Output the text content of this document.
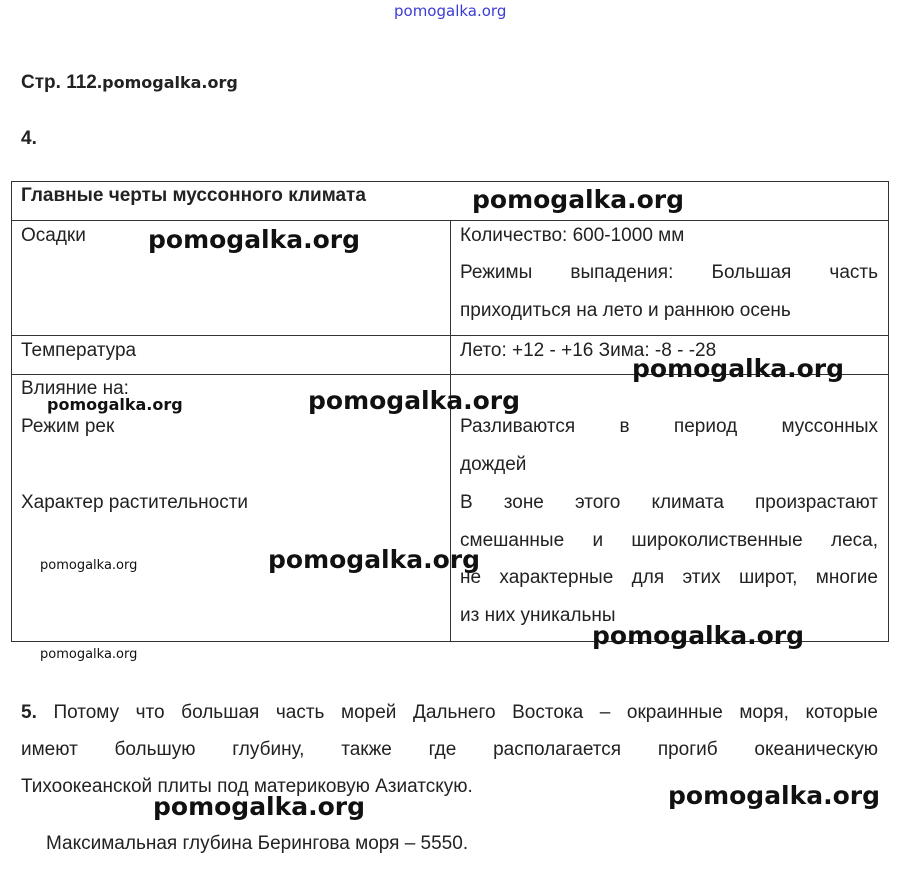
pomogalka.org
Стр. 112.pomogalka.org
4.
Главные черты муссонного климата
Осадки	Количество: 600-1000 мм
Режимы выпадения: Большая часть
приходиться на лето и раннюю осень
Температура	Лето: +12 - +16 Зима: -8 - -28
Влияние на:
Режим рек	Разливаются в период муссонных
дождей
Характер растительности	В зоне этого климата произрастают
смешанные и широколиственные леса,
не характерные для этих широт, многие
из них уникальны
5. Потому что большая часть морей Дальнего Востока – окраинные моря, которые
имеют большую глубину, также где располагается прогиб океаническую
Тихоокеанской плиты под материковую Азиатскую.
Максимальная глубина Берингова моря – 5550.
pomogalka.org
pomogalka.org
pomogalka.org
pomogalka.org	pomogalka.org
pomogalka.org	pomogalka.org
pomogalka.org
pomogalka.org
pomogalka.org	pomogalka.org
